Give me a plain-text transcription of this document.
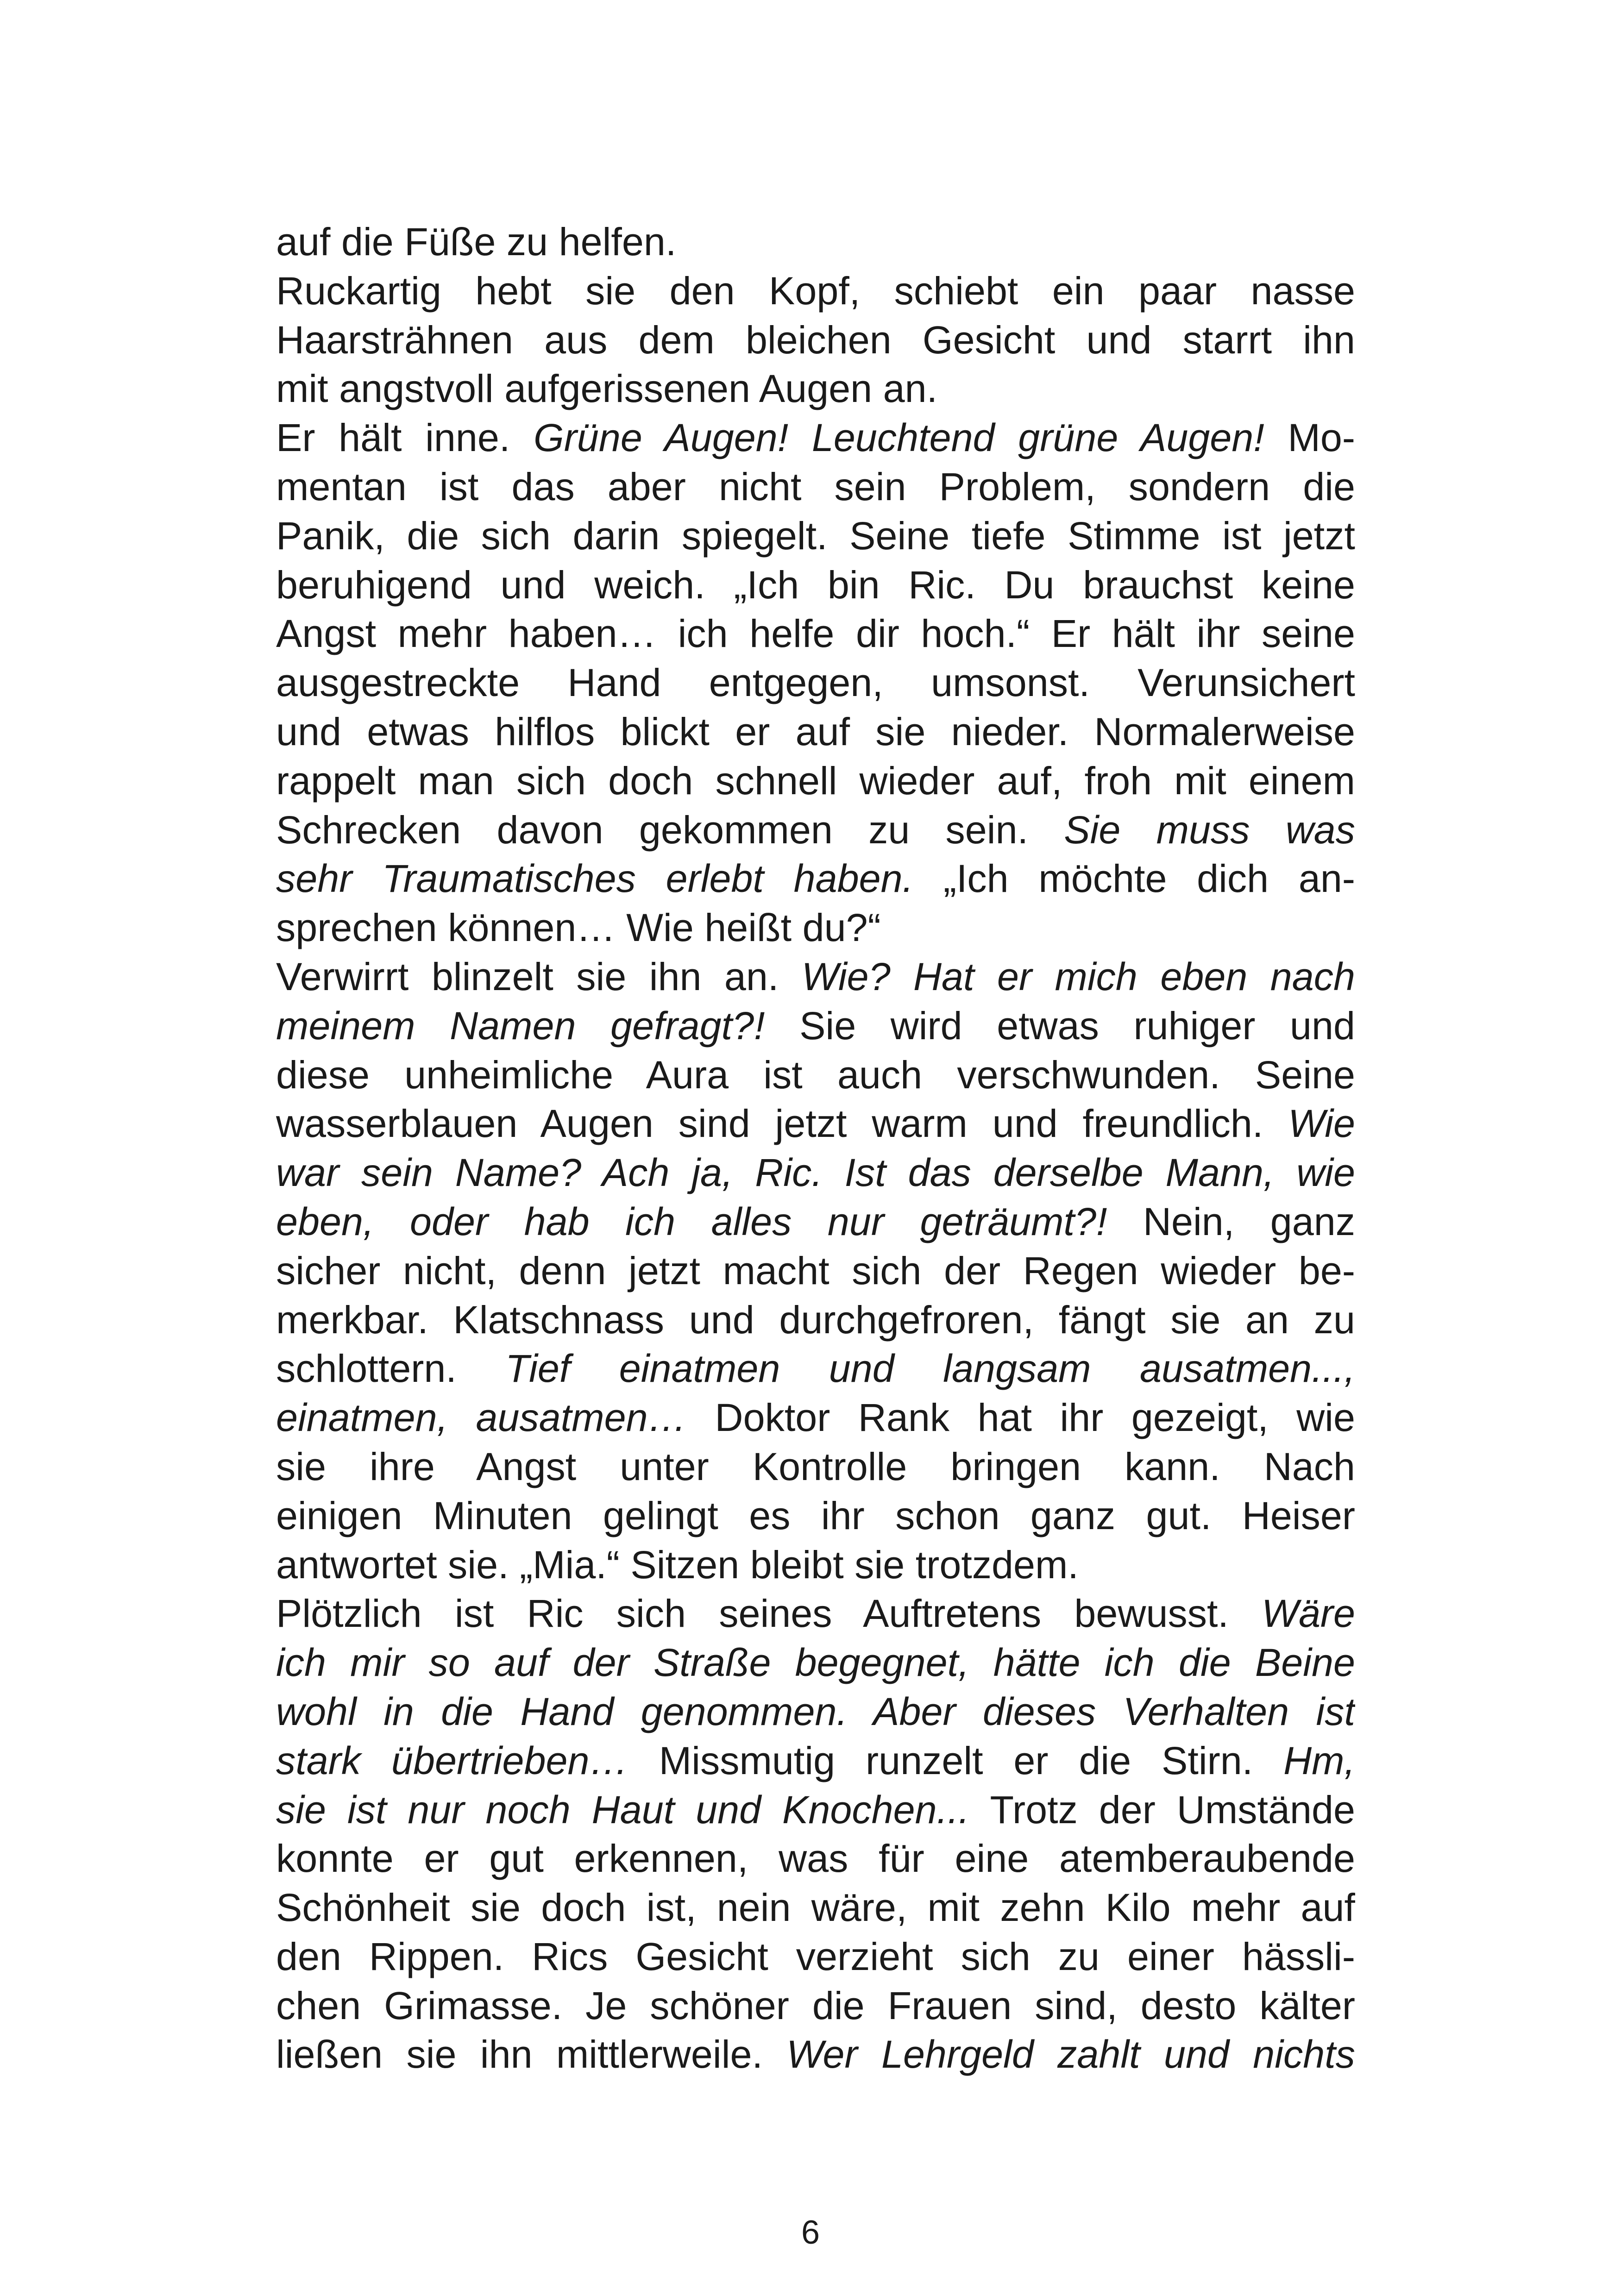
auf die Füße zu helfen.
Ruckartig hebt sie den Kopf, schiebt ein paar nasse
Haarsträhnen aus dem bleichen Gesicht und starrt ihn
mit angstvoll aufgerissenen Augen an.
Er hält inne. Grüne Augen! Leuchtend grüne Augen! Mo-
mentan ist das aber nicht sein Problem, sondern die
Panik, die sich darin spiegelt. Seine tiefe Stimme ist jetzt
beruhigend und weich. „Ich bin Ric. Du brauchst keine
Angst mehr haben… ich helfe dir hoch.“ Er hält ihr seine
ausgestreckte Hand entgegen, umsonst. Verunsichert
und etwas hilflos blickt er auf sie nieder. Normalerweise
rappelt man sich doch schnell wieder auf, froh mit einem
Schrecken davon gekommen zu sein. Sie muss was
sehr Traumatisches erlebt haben. „Ich möchte dich an-
sprechen können… Wie heißt du?“
Verwirrt blinzelt sie ihn an. Wie? Hat er mich eben nach
meinem Namen gefragt?! Sie wird etwas ruhiger und
diese unheimliche Aura ist auch verschwunden. Seine
wasserblauen Augen sind jetzt warm und freundlich. Wie
war sein Name? Ach ja, Ric. Ist das derselbe Mann, wie
eben, oder hab ich alles nur geträumt?! Nein, ganz
sicher nicht, denn jetzt macht sich der Regen wieder be-
merkbar. Klatschnass und durchgefroren, fängt sie an zu
schlottern. Tief einatmen und langsam ausatmen...,
einatmen, ausatmen… Doktor Rank hat ihr gezeigt, wie
sie ihre Angst unter Kontrolle bringen kann. Nach
einigen Minuten gelingt es ihr schon ganz gut. Heiser
antwortet sie. „Mia.“ Sitzen bleibt sie trotzdem.
Plötzlich ist Ric sich seines Auftretens bewusst. Wäre
ich mir so auf der Straße begegnet, hätte ich die Beine
wohl in die Hand genommen. Aber dieses Verhalten ist
stark übertrieben… Missmutig runzelt er die Stirn. Hm,
sie ist nur noch Haut und Knochen... Trotz der Umstände
konnte er gut erkennen, was für eine atemberaubende
Schönheit sie doch ist, nein wäre, mit zehn Kilo mehr auf
den Rippen. Rics Gesicht verzieht sich zu einer hässli-
chen Grimasse. Je schöner die Frauen sind, desto kälter
ließen sie ihn mittlerweile. Wer Lehrgeld zahlt und nichts
6
